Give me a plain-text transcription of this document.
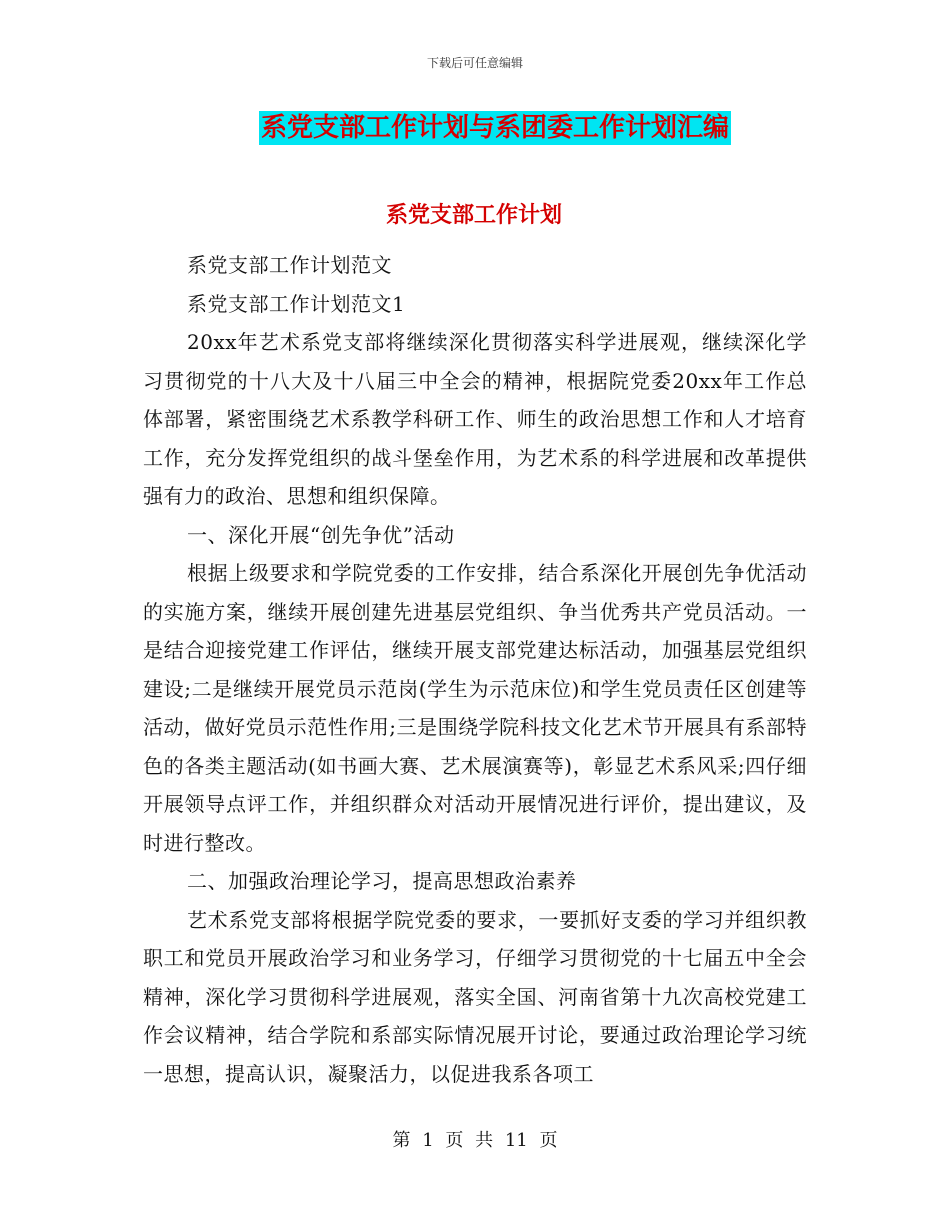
下载后可任意编辑
系党支部工作计划与系团委工作计划汇编
系党支部工作计划

系党支部工作计划范文

系党支部工作计划范文1

20xx年艺术系党支部将继续深化贯彻落实科学进展观，继续深化学习贯彻党的十八大及十八届三中全会的精神，根据院党委20xx年工作总体部署，紧密围绕艺术系教学科研工作、师生的政治思想工作和人才培育工作，充分发挥党组织的战斗堡垒作用，为艺术系的科学进展和改革提供强有力的政治、思想和组织保障。

一、深化开展“创先争优”活动

根据上级要求和学院党委的工作安排，结合系深化开展创先争优活动的实施方案，继续开展创建先进基层党组织、争当优秀共产党员活动。一是结合迎接党建工作评估，继续开展支部党建达标活动，加强基层党组织建设;二是继续开展党员示范岗(学生为示范床位)和学生党员责任区创建等活动，做好党员示范性作用;三是围绕学院科技文化艺术节开展具有系部特色的各类主题活动(如书画大赛、艺术展演赛等)，彰显艺术系风采;四仔细开展领导点评工作，并组织群众对活动开展情况进行评价，提出建议，及时进行整改。

二、加强政治理论学习，提高思想政治素养

艺术系党支部将根据学院党委的要求，一要抓好支委的学习并组织教职工和党员开展政治学习和业务学习，仔细学习贯彻党的十七届五中全会精神，深化学习贯彻科学进展观，落实全国、河南省第十九次高校党建工作会议精神，结合学院和系部实际情况展开讨论，要通过政治理论学习统一思想，提高认识，凝聚活力，以促进我系各项工

第 1 页 共 11 页
